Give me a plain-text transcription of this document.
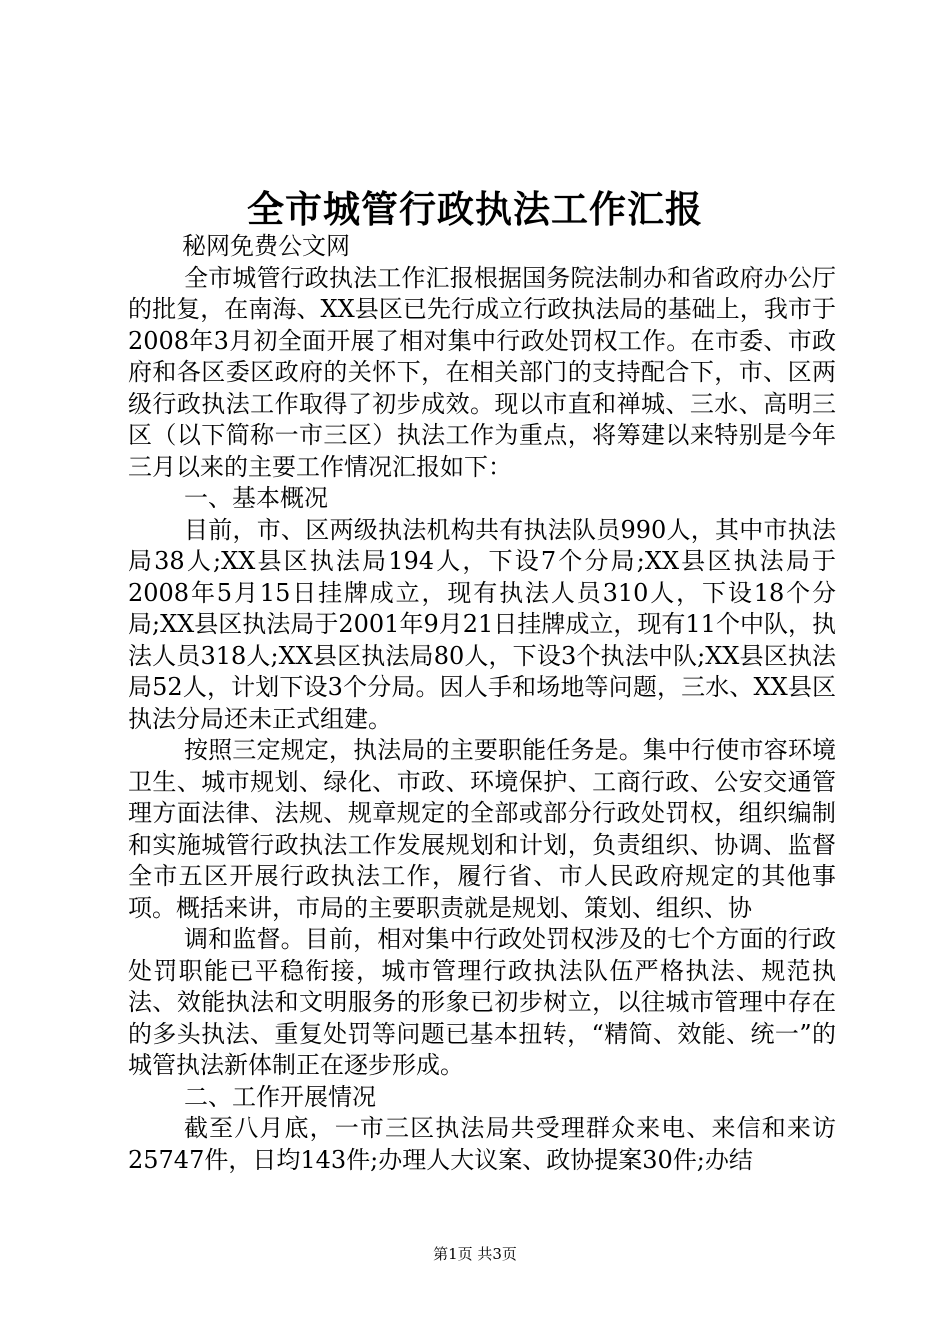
全市城管行政执法工作汇报

秘网免费公文网

全市城管行政执法工作汇报根据国务院法制办和省政府办公厅的批复，在南海、XX县区已先行成立行政执法局的基础上，我市于2008年3月初全面开展了相对集中行政处罚权工作。在市委、市政府和各区委区政府的关怀下，在相关部门的支持配合下，市、区两级行政执法工作取得了初步成效。现以市直和禅城、三水、高明三区（以下简称一市三区）执法工作为重点，将筹建以来特别是今年三月以来的主要工作情况汇报如下：

一、基本概况

目前，市、区两级执法机构共有执法队员990人，其中市执法局38人;XX县区执法局194人，下设7个分局;XX县区执法局于2008年5月15日挂牌成立，现有执法人员310人，下设18个分局;XX县区执法局于2001年9月21日挂牌成立，现有11个中队，执法人员318人;XX县区执法局80人，下设3个执法中队;XX县区执法局52人，计划下设3个分局。因人手和场地等问题，三水、XX县区执法分局还未正式组建。

按照三定规定，执法局的主要职能任务是。集中行使市容环境卫生、城市规划、绿化、市政、环境保护、工商行政、公安交通管理方面法律、法规、规章规定的全部或部分行政处罚权，组织编制和实施城管行政执法工作发展规划和计划，负责组织、协调、监督全市五区开展行政执法工作，履行省、市人民政府规定的其他事项。概括来讲，市局的主要职责就是规划、策划、组织、协

调和监督。目前，相对集中行政处罚权涉及的七个方面的行政处罚职能已平稳衔接，城市管理行政执法队伍严格执法、规范执法、效能执法和文明服务的形象已初步树立，以往城市管理中存在的多头执法、重复处罚等问题已基本扭转，“精简、效能、统一”的城管执法新体制正在逐步形成。

二、工作开展情况

截至八月底，一市三区执法局共受理群众来电、来信和来访25747件，日均143件;办理人大议案、政协提案30件;办结

第1页 共3页
